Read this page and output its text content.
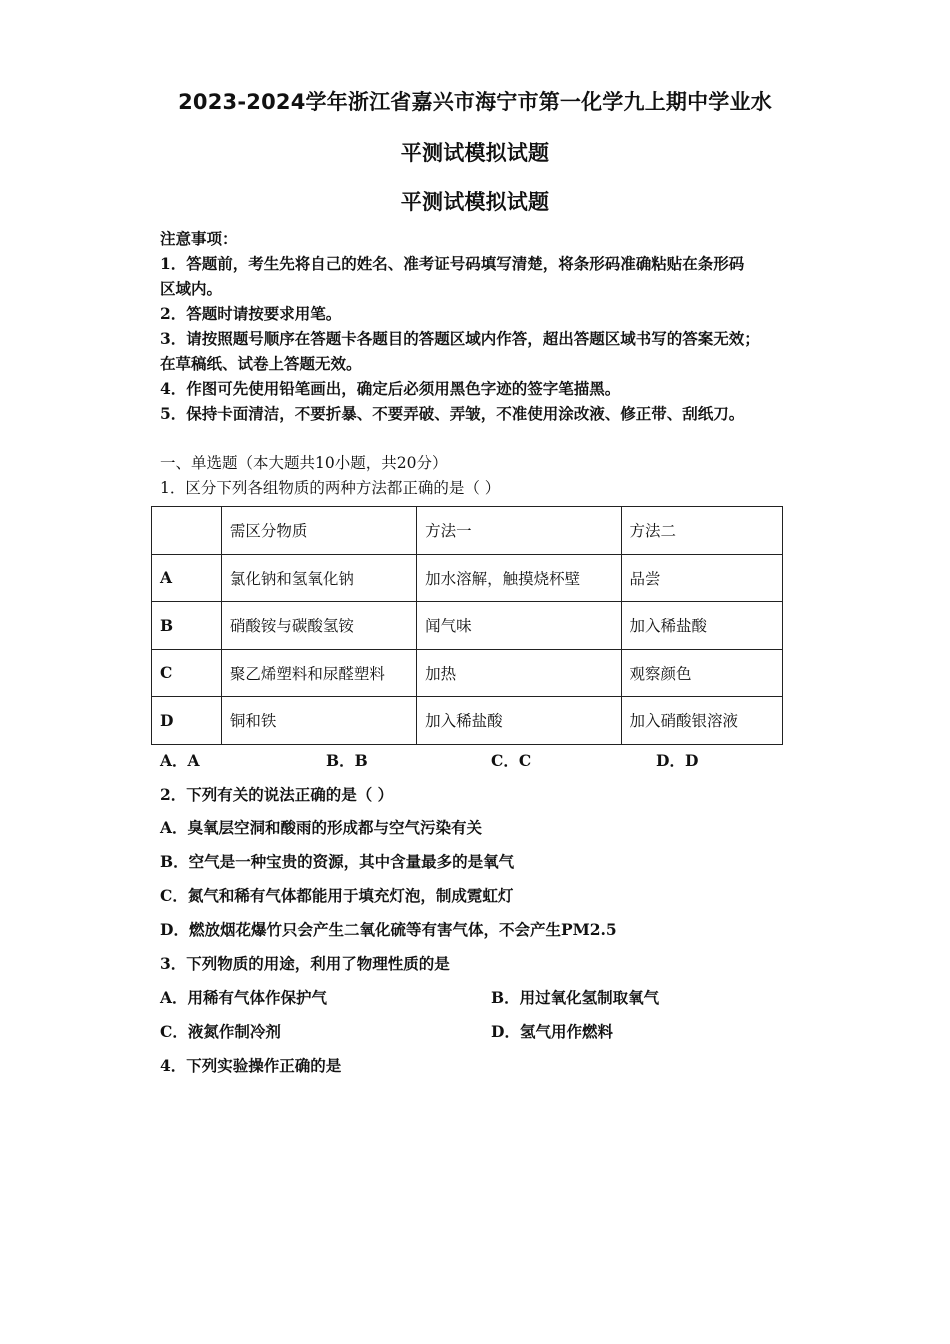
2023-2024学年浙江省嘉兴市海宁市第一化学九上期中学业水
平测试模拟试题
平测试模拟试题
注意事项：
1．答题前，考生先将自己的姓名、准考证号码填写清楚，将条形码准确粘贴在条形码
区域内。
2．答题时请按要求用笔。
3．请按照题号顺序在答题卡各题目的答题区域内作答，超出答题区域书写的答案无效；
在草稿纸、试卷上答题无效。
4．作图可先使用铅笔画出，确定后必须用黑色字迹的签字笔描黑。
5．保持卡面清洁，不要折暴、不要弄破、弄皱，不准使用涂改液、修正带、刮纸刀。
一、单选题（本大题共10小题，共20分）
1．区分下列各组物质的两种方法都正确的是（ ）
	需区分物质	方法一	方法二
A	氯化钠和氢氧化钠	加水溶解，触摸烧杯壁	品尝
B	硝酸铵与碳酸氢铵	闻气味	加入稀盐酸
C	聚乙烯塑料和尿醛塑料	加热	观察颜色
D	铜和铁	加入稀盐酸	加入硝酸银溶液
A．A	B．B	C．C	D．D
2．下列有关的说法正确的是（ ）
A．臭氧层空洞和酸雨的形成都与空气污染有关
B．空气是一种宝贵的资源，其中含量最多的是氧气
C．氮气和稀有气体都能用于填充灯泡，制成霓虹灯
D．燃放烟花爆竹只会产生二氧化硫等有害气体，不会产生PM2.5
3．下列物质的用途，利用了物理性质的是
A．用稀有气体作保护气	B．用过氧化氢制取氧气
C．液氮作制冷剂	D．氢气用作燃料
4．下列实验操作正确的是
